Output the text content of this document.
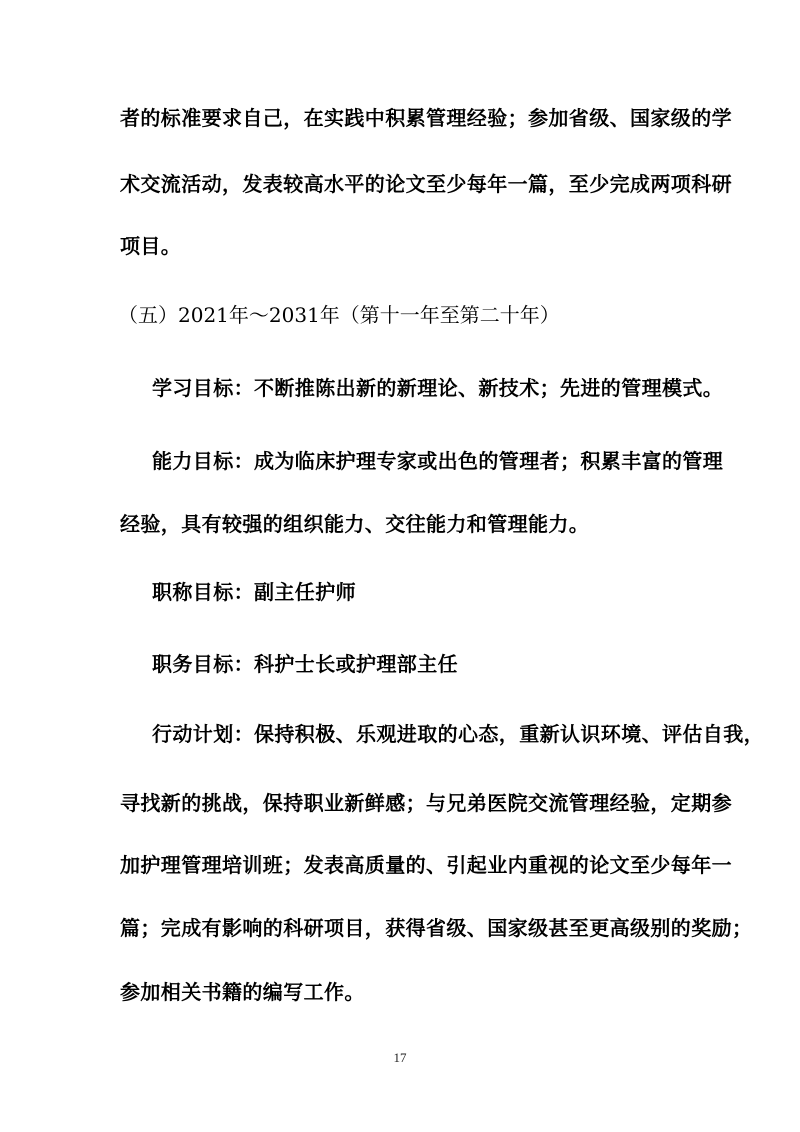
者的标准要求自己，在实践中积累管理经验；参加省级、国家级的学
术交流活动，发表较高水平的论文至少每年一篇，至少完成两项科研
项目。
（五）2021年～2031年（第十一年至第二十年）
学习目标：不断推陈出新的新理论、新技术；先进的管理模式。
能力目标：成为临床护理专家或出色的管理者；积累丰富的管理
经验，具有较强的组织能力、交往能力和管理能力。
职称目标：副主任护师
职务目标：科护士长或护理部主任
行动计划：保持积极、乐观进取的心态，重新认识环境、评估自我，
寻找新的挑战，保持职业新鲜感；与兄弟医院交流管理经验，定期参
加护理管理培训班；发表高质量的、引起业内重视的论文至少每年一
篇；完成有影响的科研项目，获得省级、国家级甚至更高级别的奖励；
参加相关书籍的编写工作。
17
